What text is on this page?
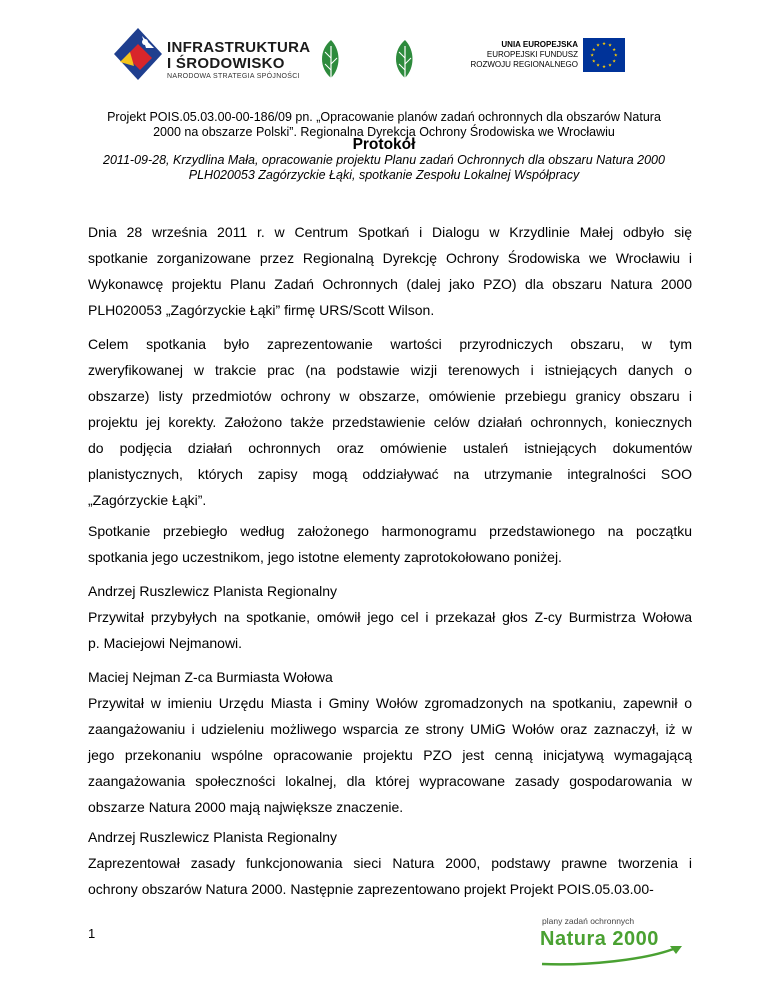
INFRASTRUKTURA
I ŚRODOWISKO
NARODOWA STRATEGIA SPÓJNOŚCI
UNIA EUROPEJSKA
EUROPEJSKI FUNDUSZ
ROZWOJU REGIONALNEGO
★ ★
★
★
★
★
★
★
★
★
★
★
Projekt POIS.05.03.00-00-186/09 pn. „Opracowanie planów zadań ochronnych dla obszarów Natura
2000 na obszarze Polski”. Regionalna Dyrekcja Ochrony Środowiska we Wrocławiu
Protokół
2011-09-28, Krzydlina Mała, opracowanie projektu Planu zadań Ochronnych dla obszaru Natura 2000
PLH020053 Zagórzyckie Łąki, spotkanie Zespołu Lokalnej Współpracy
Dnia 28 września 2011 r. w Centrum Spotkań i Dialogu w Krzydlinie Małej odbyło się
spotkanie zorganizowane przez Regionalną Dyrekcję Ochrony Środowiska we Wrocławiu i
Wykonawcę projektu Planu Zadań Ochronnych (dalej jako PZO) dla obszaru Natura 2000
PLH020053 „Zagórzyckie Łąki” firmę URS/Scott Wilson.
Celem spotkania było zaprezentowanie wartości przyrodniczych obszaru, w tym
zweryfikowanej w trakcie prac (na podstawie wizji terenowych i istniejących danych o
obszarze) listy przedmiotów ochrony w obszarze, omówienie przebiegu granicy obszaru i
projektu jej korekty. Założono także przedstawienie celów działań ochronnych, koniecznych
do podjęcia działań ochronnych oraz omówienie ustaleń istniejących dokumentów
planistycznych, których zapisy mogą oddziaływać na utrzymanie integralności SOO
„Zagórzyckie Łąki”.
Spotkanie przebiegło według założonego harmonogramu przedstawionego na początku
spotkania jego uczestnikom, jego istotne elementy zaprotokołowano poniżej.
Andrzej Ruszlewicz Planista Regionalny
Przywitał przybyłych na spotkanie, omówił jego cel i przekazał głos Z-cy Burmistrza Wołowa
p. Maciejowi Nejmanowi.
Maciej Nejman Z-ca Burmiasta Wołowa
Przywitał w imieniu Urzędu Miasta i Gminy Wołów zgromadzonych na spotkaniu, zapewnił o
zaangażowaniu i udzieleniu możliwego wsparcia ze strony UMiG Wołów oraz zaznaczył, iż w
jego przekonaniu wspólne opracowanie projektu PZO jest cenną inicjatywą wymagającą
zaangażowania społeczności lokalnej, dla której wypracowane zasady gospodarowania w
obszarze Natura 2000 mają największe znaczenie.
Andrzej Ruszlewicz Planista Regionalny
Zaprezentował zasady funkcjonowania sieci Natura 2000, podstawy prawne tworzenia i
ochrony obszarów Natura 2000. Następnie zaprezentowano projekt Projekt POIS.05.03.00-
1
plany zadań ochronnych
Natura 2000
